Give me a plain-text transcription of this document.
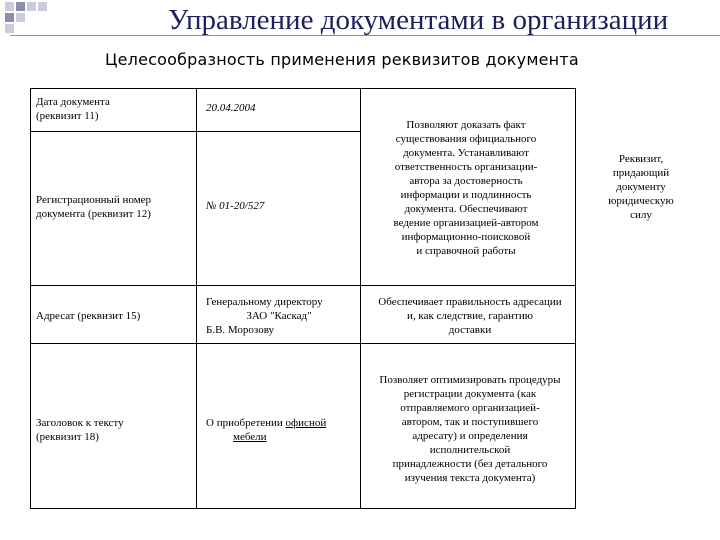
Управление документами в организации
Целесообразность применения реквизитов документа
Дата документа
(реквизит 11)
20.04.2004
Регистрационный номер
документа (реквизит 12)
№ 01-20/527
Позволяют доказать факт
существования официального
документа. Устанавливают
ответственность организации-
автора за достоверность
информации и подлинность
документа. Обеспечивают
ведение организацией-автором
информационно-поисковой
и справочной работы
Реквизит,
придающий
документу
юридическую
силу
Адресат (реквизит 15)
Генеральному директору
ЗАО "Каскад"
Б.В. Морозову
Обеспечивает правильность адресации
и, как следствие, гарантию
доставки
Заголовок к тексту
(реквизит 18)
О приобретении офисной
мебели
Позволяет оптимизировать процедуры
регистрации документа (как
отправляемого организацией-
автором, так и поступившего
адресату) и определения
исполнительской
принадлежности (без детального
изучения текста документа)
